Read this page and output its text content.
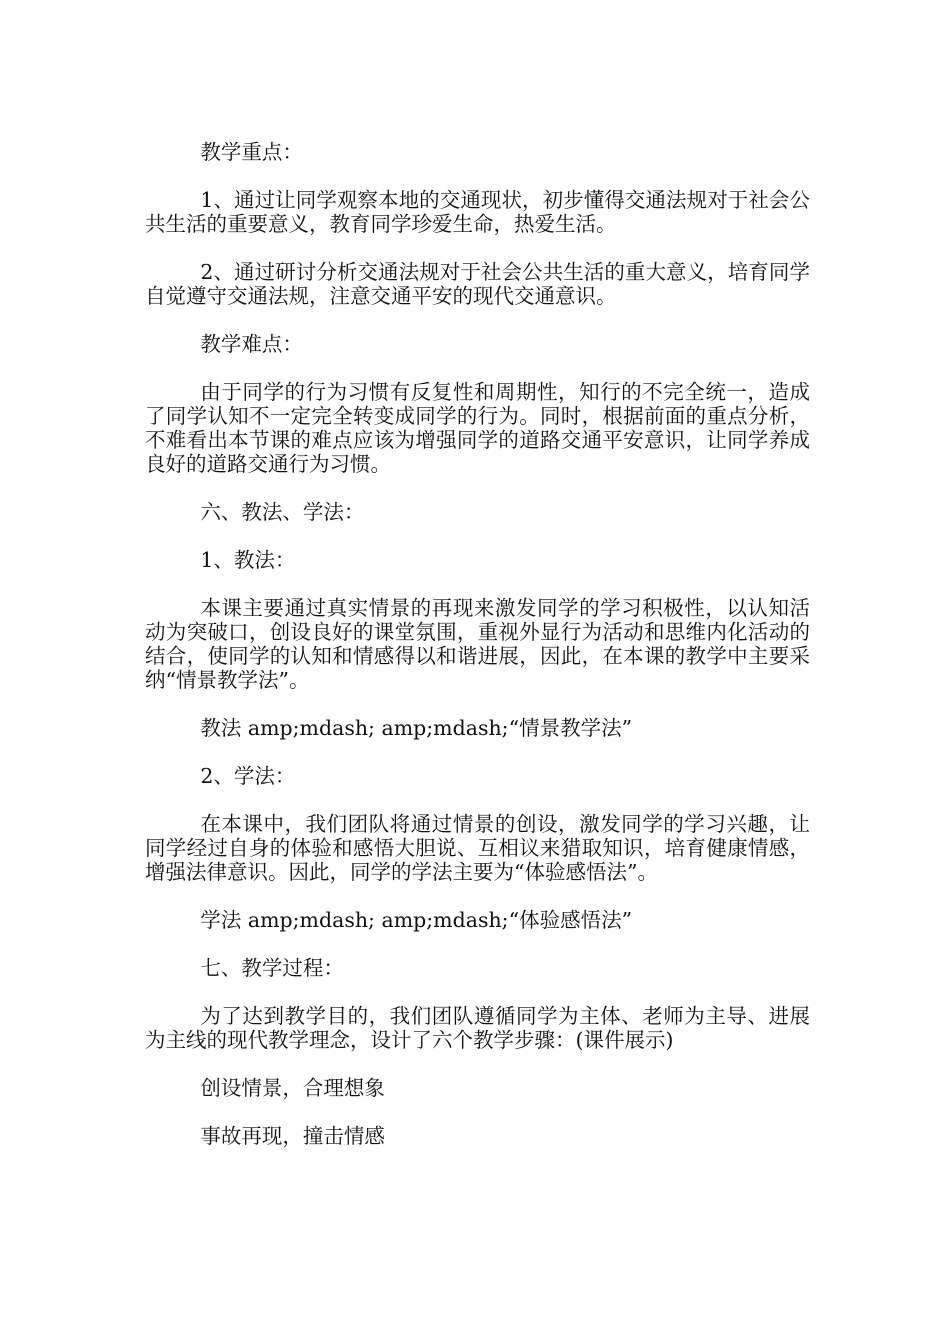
教学重点：

1、通过让同学观察本地的交通现状，初步懂得交通法规对于社会公共生活的重要意义，教育同学珍爱生命，热爱生活。

2、通过研讨分析交通法规对于社会公共生活的重大意义，培育同学自觉遵守交通法规，注意交通平安的现代交通意识。

教学难点：

由于同学的行为习惯有反复性和周期性，知行的不完全统一，造成了同学认知不一定完全转变成同学的行为。同时，根据前面的重点分析，不难看出本节课的难点应该为增强同学的道路交通平安意识，让同学养成良好的道路交通行为习惯。

六、教法、学法：

1、教法：

本课主要通过真实情景的再现来激发同学的学习积极性，以认知活动为突破口，创设良好的课堂氛围，重视外显行为活动和思维内化活动的结合，使同学的认知和情感得以和谐进展，因此，在本课的教学中主要采纳“情景教学法”。

教法 amp;mdash; amp;mdash;“情景教学法”

2、学法：

在本课中，我们团队将通过情景的创设，激发同学的学习兴趣，让同学经过自身的体验和感悟大胆说、互相议来猎取知识，培育健康情感，增强法律意识。因此，同学的学法主要为“体验感悟法”。

学法 amp;mdash; amp;mdash;“体验感悟法”

七、教学过程：

为了达到教学目的，我们团队遵循同学为主体、老师为主导、进展为主线的现代教学理念，设计了六个教学步骤：(课件展示)

创设情景，合理想象

事故再现，撞击情感
